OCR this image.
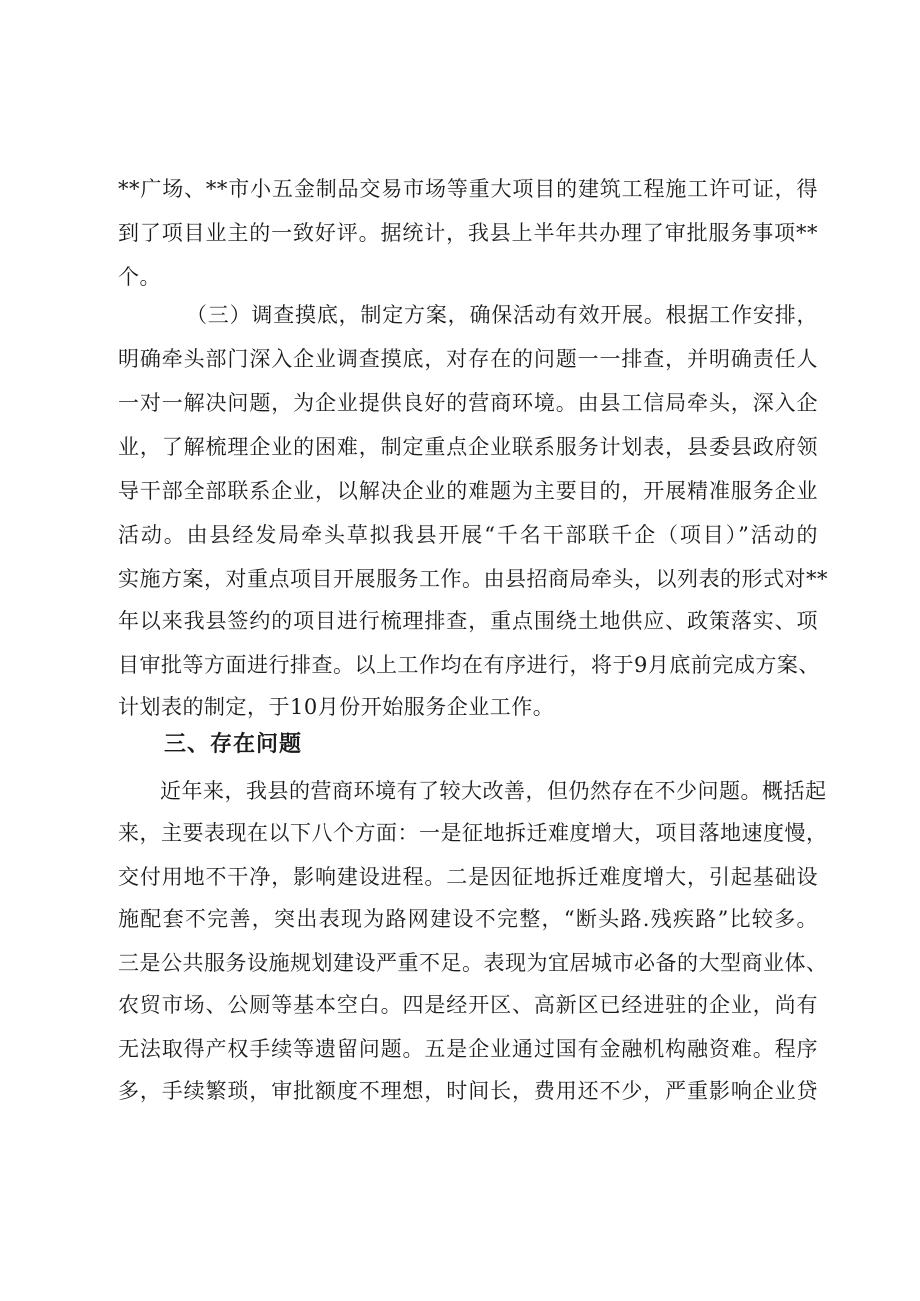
**广场、**市小五金制品交易市场等重大项目的建筑工程施工许可证，得
到了项目业主的一致好评。据统计，我县上半年共办理了审批服务事项**
个。
（三）调查摸底，制定方案，确保活动有效开展。根据工作安排，
明确牵头部门深入企业调查摸底，对存在的问题一一排查，并明确责任人
一对一解决问题，为企业提供良好的营商环境。由县工信局牵头，深入企
业，了解梳理企业的困难，制定重点企业联系服务计划表，县委县政府领
导干部全部联系企业，以解决企业的难题为主要目的，开展精准服务企业
活动。由县经发局牵头草拟我县开展“千名干部联千企（项目）”活动的
实施方案，对重点项目开展服务工作。由县招商局牵头，以列表的形式对**
年以来我县签约的项目进行梳理排查，重点围绕土地供应、政策落实、项
目审批等方面进行排查。以上工作均在有序进行，将于9月底前完成方案、
计划表的制定，于10月份开始服务企业工作。
三、存在问题
近年来，我县的营商环境有了较大改善，但仍然存在不少问题。概括起
来，主要表现在以下八个方面：一是征地拆迁难度增大，项目落地速度慢，
交付用地不干净，影响建设进程。二是因征地拆迁难度增大，引起基础设
施配套不完善，突出表现为路网建设不完整，“断头路.残疾路”比较多。
三是公共服务设施规划建设严重不足。表现为宜居城市必备的大型商业体、
农贸市场、公厕等基本空白。四是经开区、高新区已经进驻的企业，尚有
无法取得产权手续等遗留问题。五是企业通过国有金融机构融资难。程序
多，手续繁琐，审批额度不理想，时间长，费用还不少，严重影响企业贷
